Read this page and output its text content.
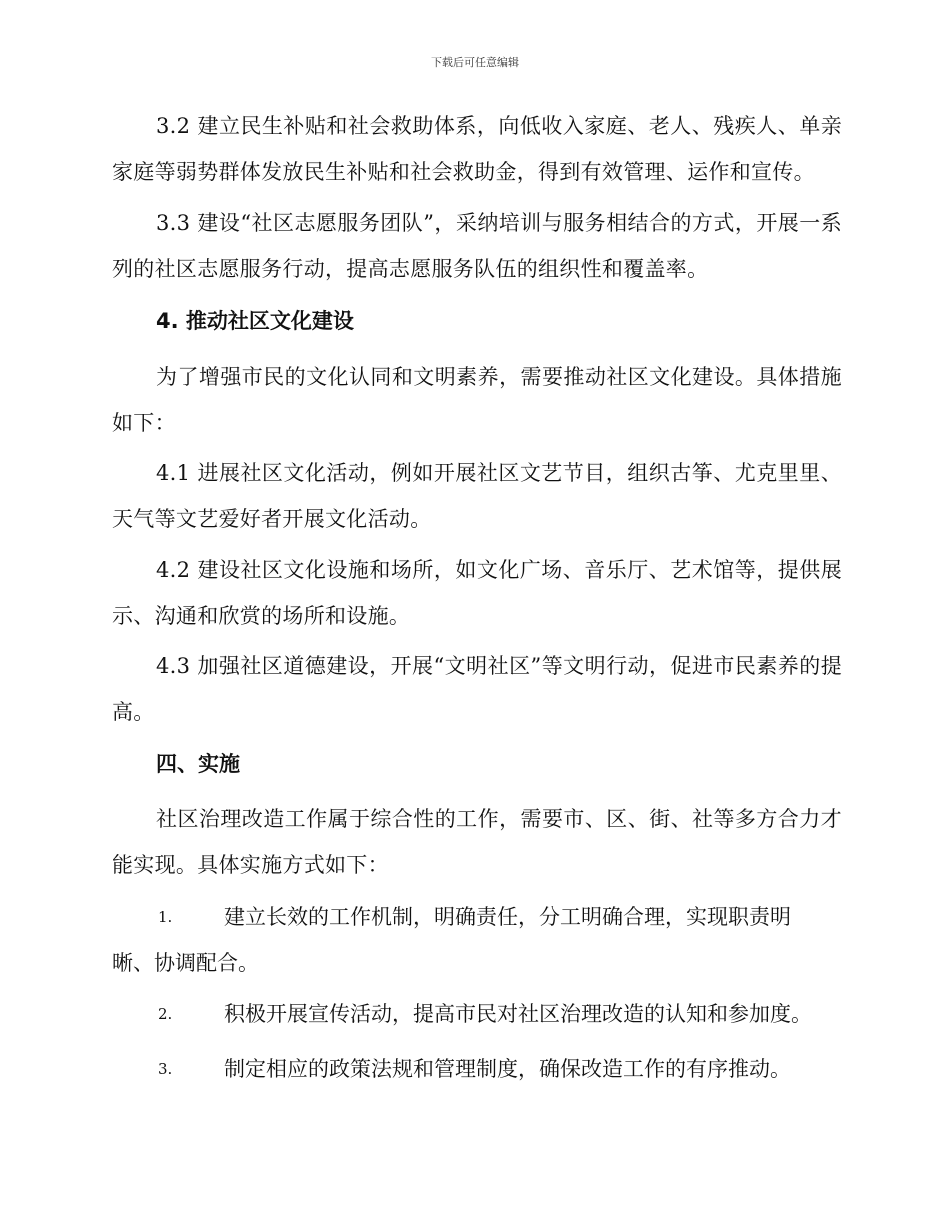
下载后可任意编辑
3.2 建立民生补贴和社会救助体系，向低收入家庭、老人、残疾人、单亲家庭等弱势群体发放民生补贴和社会救助金，得到有效管理、运作和宣传。
3.3 建设“社区志愿服务团队”，采纳培训与服务相结合的方式，开展一系列的社区志愿服务行动，提高志愿服务队伍的组织性和覆盖率。
4. 推动社区文化建设
为了增强市民的文化认同和文明素养，需要推动社区文化建设。具体措施如下：
4.1 进展社区文化活动，例如开展社区文艺节目，组织古筝、尤克里里、天气等文艺爱好者开展文化活动。
4.2 建设社区文化设施和场所，如文化广场、音乐厅、艺术馆等，提供展示、沟通和欣赏的场所和设施。
4.3 加强社区道德建设，开展“文明社区”等文明行动，促进市民素养的提高。
四、实施
社区治理改造工作属于综合性的工作，需要市、区、街、社等多方合力才能实现。具体实施方式如下：
1. 建立长效的工作机制，明确责任，分工明确合理，实现职责明
晰、协调配合。
2. 积极开展宣传活动，提高市民对社区治理改造的认知和参加度。
3. 制定相应的政策法规和管理制度，确保改造工作的有序推动。
